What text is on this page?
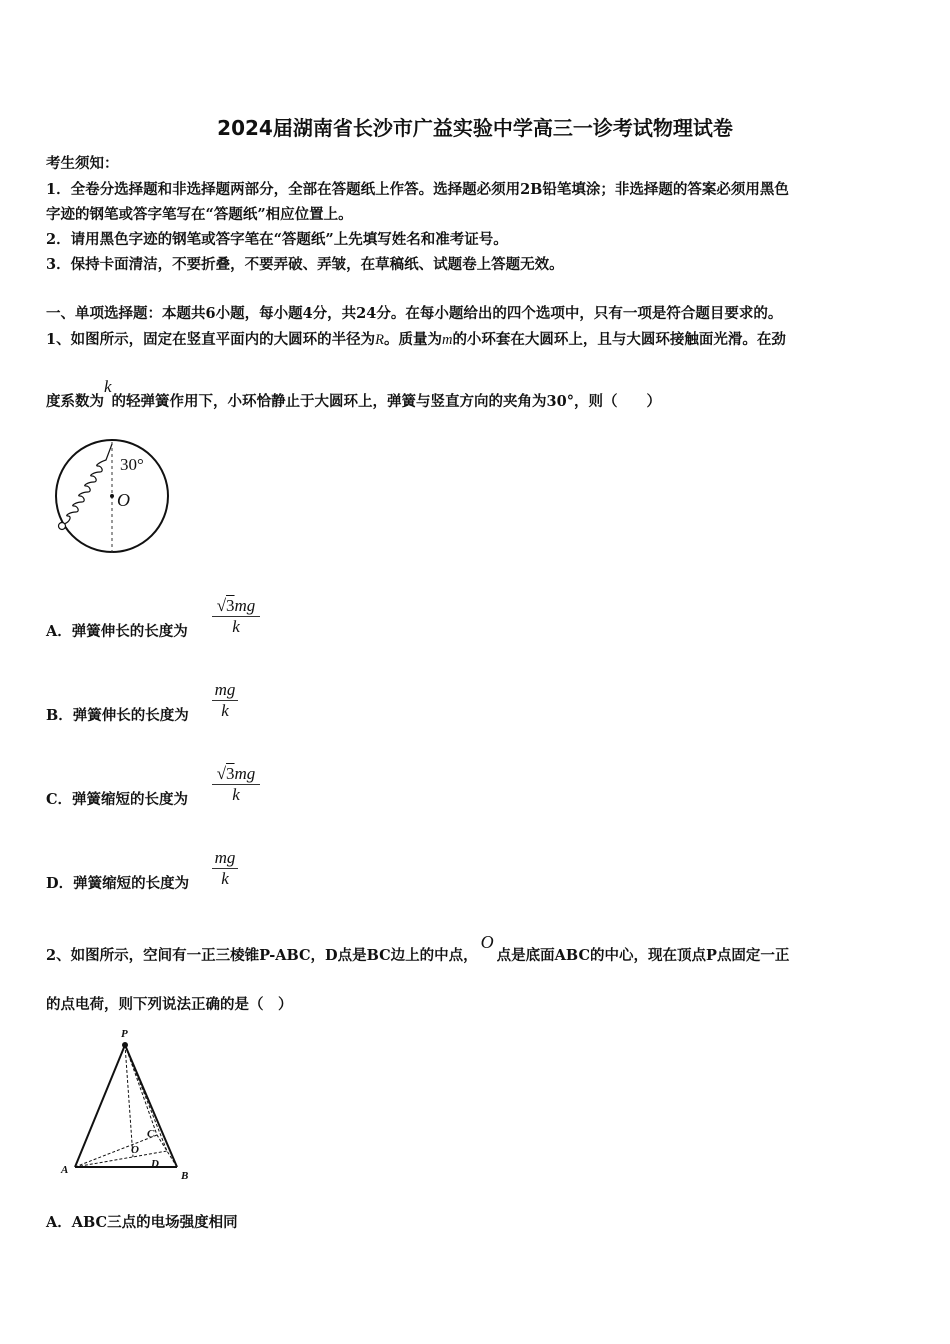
2024届湖南省长沙市广益实验中学高三一诊考试物理试卷
考生须知：
1．全卷分选择题和非选择题两部分，全部在答题纸上作答。选择题必须用2B铅笔填涂；非选择题的答案必须用黑色
字迹的钢笔或答字笔写在“答题纸”相应位置上。
2．请用黑色字迹的钢笔或答字笔在“答题纸”上先填写姓名和准考证号。
3．保持卡面清洁，不要折叠，不要弄破、弄皱，在草稿纸、试题卷上答题无效。
一、单项选择题：本题共6小题，每小题4分，共24分。在每小题给出的四个选项中，只有一项是符合题目要求的。
1、如图所示，固定在竖直平面内的大圆环的半径为R。质量为m的小环套在大圆环上，且与大圆环接触面光滑。在劲
度系数为k的轻弹簧作用下，小环恰静止于大圆环上，弹簧与竖直方向的夹角为30°，则（　　）
30°
O
A．弹簧伸长的长度为
√3mg
k
B．弹簧伸长的长度为
mg
k
C．弹簧缩短的长度为
√3mg
k
D．弹簧缩短的长度为
mg
k
2、如图所示，空间有一正三棱锥P-ABC，D点是BC边上的中点，O点是底面ABC的中心，现在顶点P点固定一正
的点电荷，则下列说法正确的是（　）
P
A	B
C
D
O
A．ABC三点的电场强度相同
